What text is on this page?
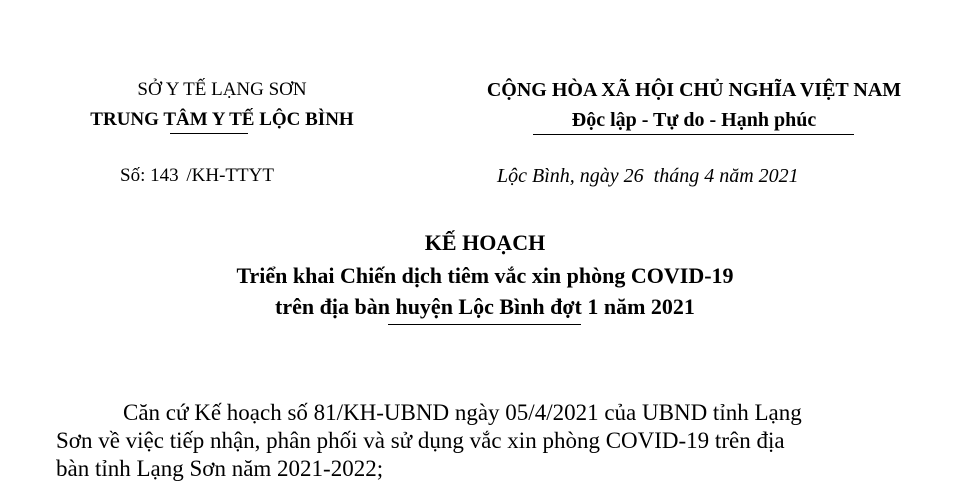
SỞ Y TẾ LẠNG SƠN
TRUNG TÂM Y TẾ LỘC BÌNH
Số: 143 /KH-TTYT
CỘNG HÒA XÃ HỘI CHỦ NGHĨA VIỆT NAM
Độc lập - Tự do - Hạnh phúc
Lộc Bình, ngày 26  tháng 4 năm 2021
KẾ HOẠCH
Triển khai Chiến dịch tiêm vắc xin phòng COVID-19
trên địa bàn huyện Lộc Bình đợt 1 năm 2021
Căn cứ Kế hoạch số 81/KH-UBND ngày 05/4/2021 của UBND tỉnh Lạng
Sơn về việc tiếp nhận, phân phối và sử dụng vắc xin phòng COVID-19 trên địa
bàn tỉnh Lạng Sơn năm 2021-2022;
